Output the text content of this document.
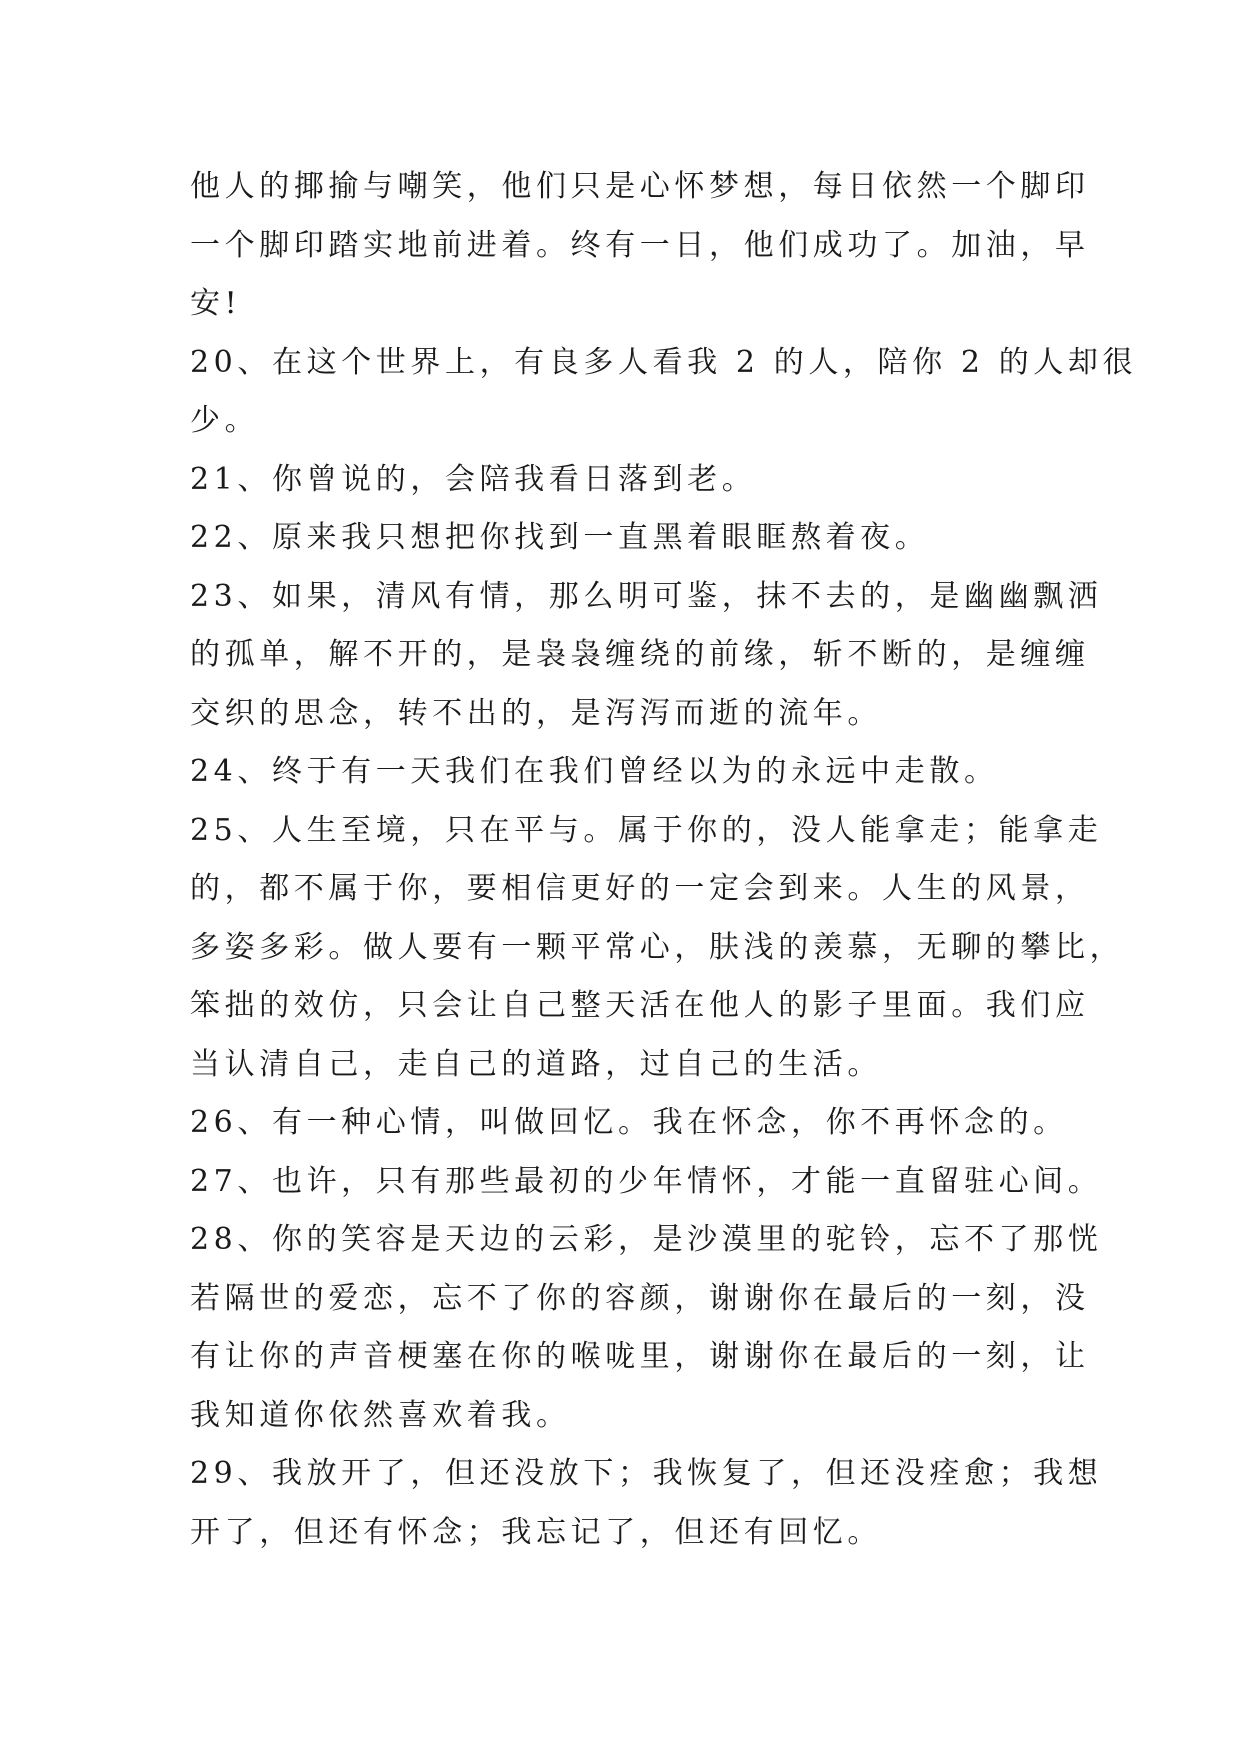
他人的揶揄与嘲笑，他们只是心怀梦想，每日依然一个脚印
一个脚印踏实地前进着。终有一日，他们成功了。加油，早
安!
20、在这个世界上，有良多人看我 2 的人，陪你 2 的人却很
少。
21、你曾说的，会陪我看日落到老。
22、原来我只想把你找到一直黑着眼眶熬着夜。
23、如果，清风有情，那么明可鉴，抹不去的，是幽幽飘洒
的孤单，解不开的，是袅袅缠绕的前缘，斩不断的，是缠缠
交织的思念，转不出的，是泻泻而逝的流年。
24、终于有一天我们在我们曾经以为的永远中走散。
25、人生至境，只在平与。属于你的，没人能拿走；能拿走
的，都不属于你，要相信更好的一定会到来。人生的风景，
多姿多彩。做人要有一颗平常心，肤浅的羡慕，无聊的攀比，
笨拙的效仿，只会让自己整天活在他人的影子里面。我们应
当认清自己，走自己的道路，过自己的生活。
26、有一种心情，叫做回忆。我在怀念，你不再怀念的。
27、也许，只有那些最初的少年情怀，才能一直留驻心间。
28、你的笑容是天边的云彩，是沙漠里的驼铃，忘不了那恍
若隔世的爱恋，忘不了你的容颜，谢谢你在最后的一刻，没
有让你的声音梗塞在你的喉咙里，谢谢你在最后的一刻，让
我知道你依然喜欢着我。
29、我放开了，但还没放下；我恢复了，但还没痊愈；我想
开了，但还有怀念；我忘记了，但还有回忆。
